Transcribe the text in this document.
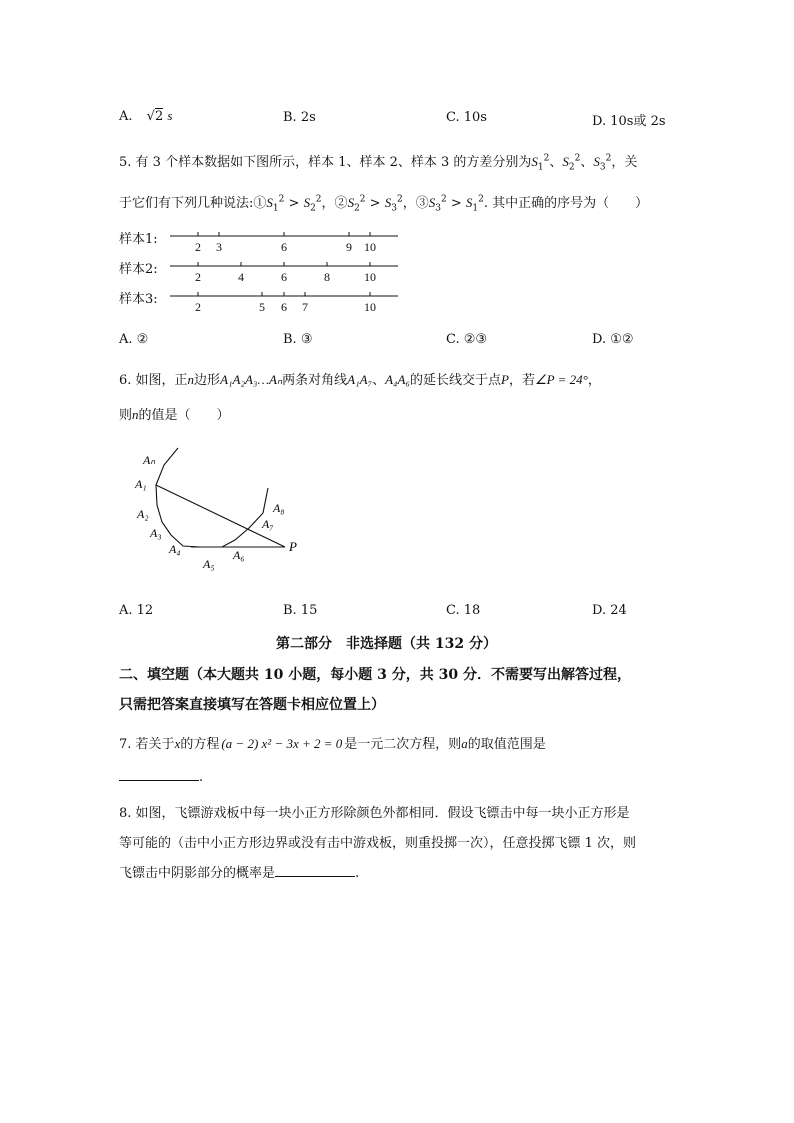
A. √2 s	B. 2s	C. 10s	D. 10s或 2s
5. 有 3 个样本数据如下图所示，样本 1、样本 2、样本 3 的方差分别为$S_1^2$、$S_2^2$、$S_3^2$，关
于它们有下列几种说法$:①S_1^2 > S_2^2$，$②S_2^2 > S_3^2$，$③S_3^2 > S_1^2$. 其中正确的序号为（　　）
样本1:
样本2:
样本3:
2 3	6	9 10
2	4	6	8	10
2	5 6 7	10
A. ②	B. ③	C. ②③	D. ①②
6. 如图，正n边形A₁A₂A₃…Aₙ两条对角线A₁A₇、A₄A₆的延长线交于点P，若∠P = 24°，
则n的值是（　　）
Aₙ
A₁
A₂
A₃
A₄
A₅
A₆
A₇
A₈
P
A. 12	B. 15	C. 18	D. 24
第二部分　非选择题（共 132 分）
二、填空题（本大题共 10 小题，每小题 3 分，共 30 分．不需要写出解答过程，
只需把答案直接填写在答题卡相应位置上）
7. 若关于x的方程 (a − 2) x² − 3x + 2 = 0 是一元二次方程，则a的取值范围是
.
8. 如图，飞镖游戏板中每一块小正方形除颜色外都相同．假设飞镖击中每一块小正方形是
等可能的（击中小正方形边界或没有击中游戏板，则重投掷一次），任意投掷飞镖 1 次，则
飞镖击中阴影部分的概率是	.
